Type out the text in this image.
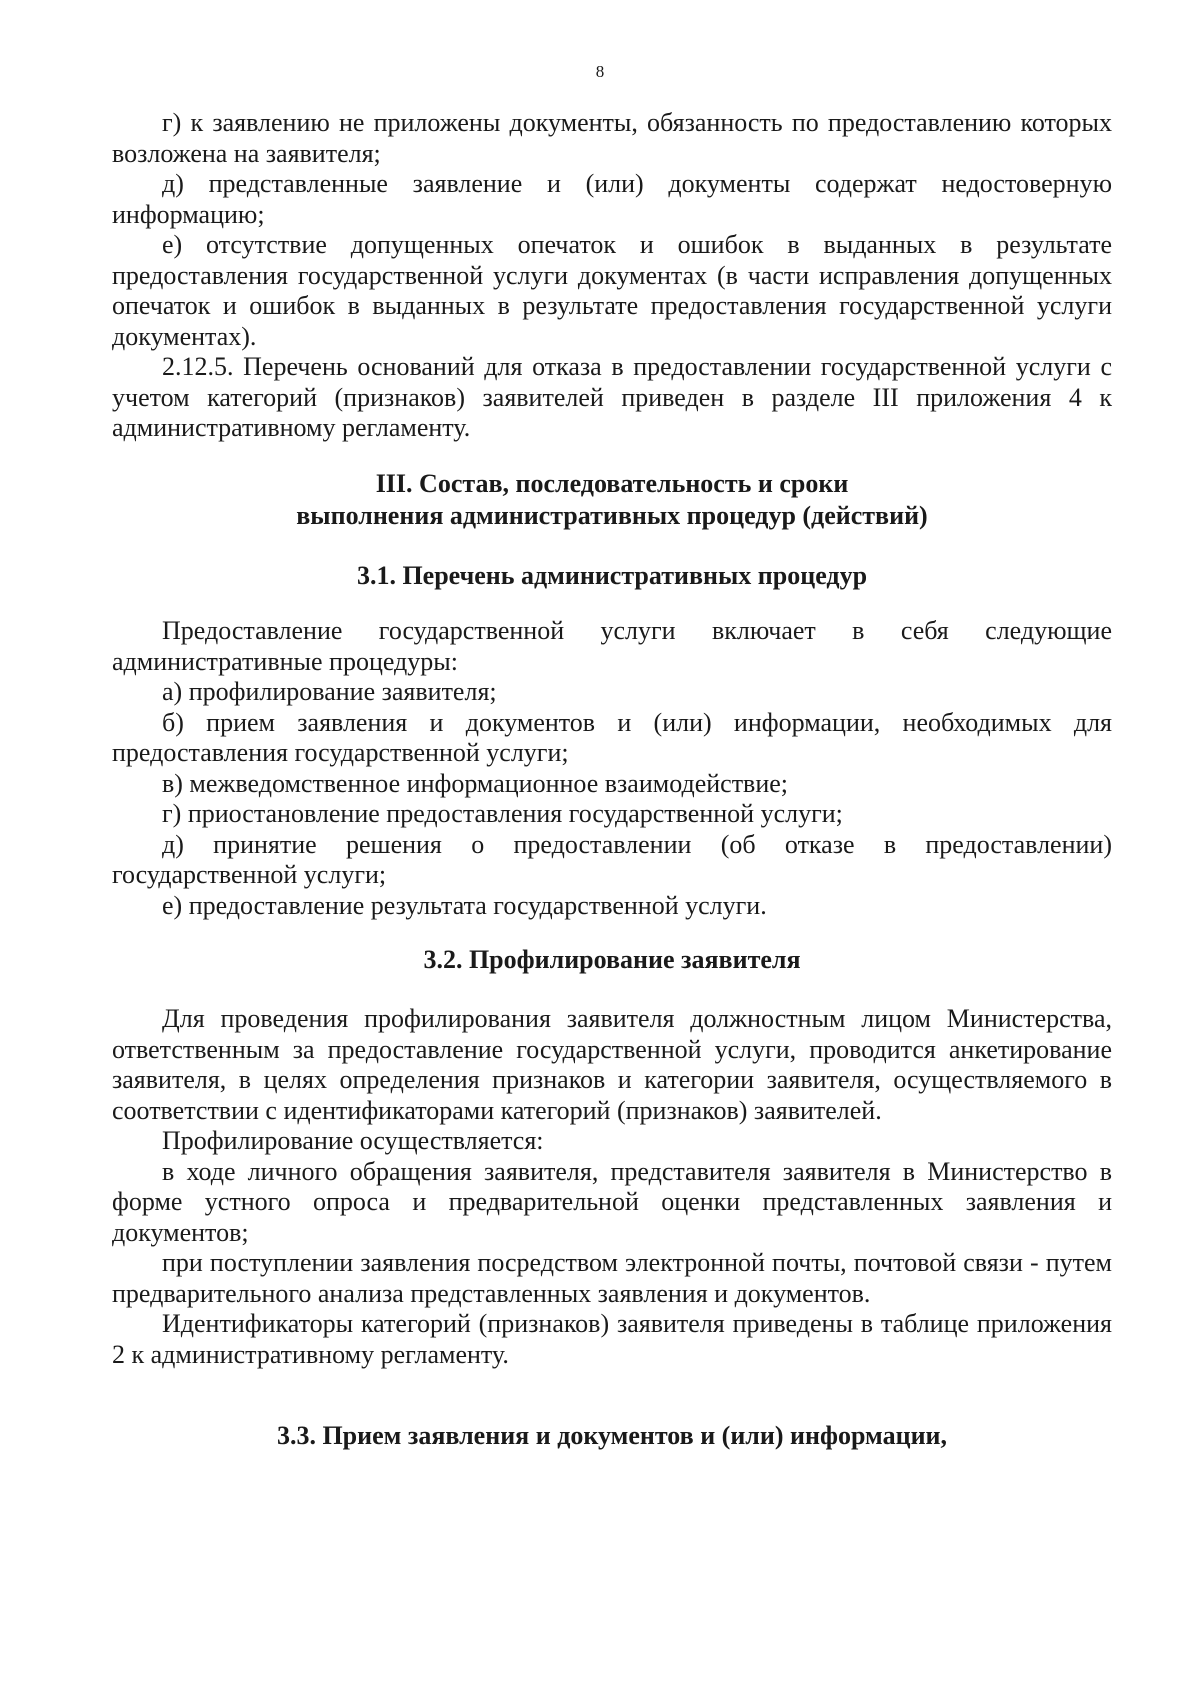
8

г) к заявлению не приложены документы, обязанность по предоставлению которых возложена на заявителя;

д) представленные заявление и (или) документы содержат недостоверную информацию;

е) отсутствие допущенных опечаток и ошибок в выданных в результате предоставления государственной услуги документах (в части исправления допущенных опечаток и ошибок в выданных в результате предоставления государственной услуги документах).

2.12.5. Перечень оснований для отказа в предоставлении государственной услуги с учетом категорий (признаков) заявителей приведен в разделе III приложения 4 к административному регламенту.

III. Состав, последовательность и сроки
выполнения административных процедур (действий)
3.1. Перечень административных процедур

Предоставление государственной услуги включает в себя следующие административные процедуры:

а) профилирование заявителя;

б) прием заявления и документов и (или) информации, необходимых для предоставления государственной услуги;

в) межведомственное информационное взаимодействие;

г) приостановление предоставления государственной услуги;

д) принятие решения о предоставлении (об отказе в предоставлении) государственной услуги;

е) предоставление результата государственной услуги.

3.2. Профилирование заявителя

Для проведения профилирования заявителя должностным лицом Министерства, ответственным за предоставление государственной услуги, проводится анкетирование заявителя, в целях определения признаков и категории заявителя, осуществляемого в соответствии с идентификаторами категорий (признаков) заявителей.

Профилирование осуществляется:

в ходе личного обращения заявителя, представителя заявителя в Министерство в форме устного опроса и предварительной оценки представленных заявления и документов;

при поступлении заявления посредством электронной почты, почтовой связи - путем предварительного анализа представленных заявления и документов.

Идентификаторы категорий (признаков) заявителя приведены в таблице приложения 2 к административному регламенту.

3.3. Прием заявления и документов и (или) информации,
